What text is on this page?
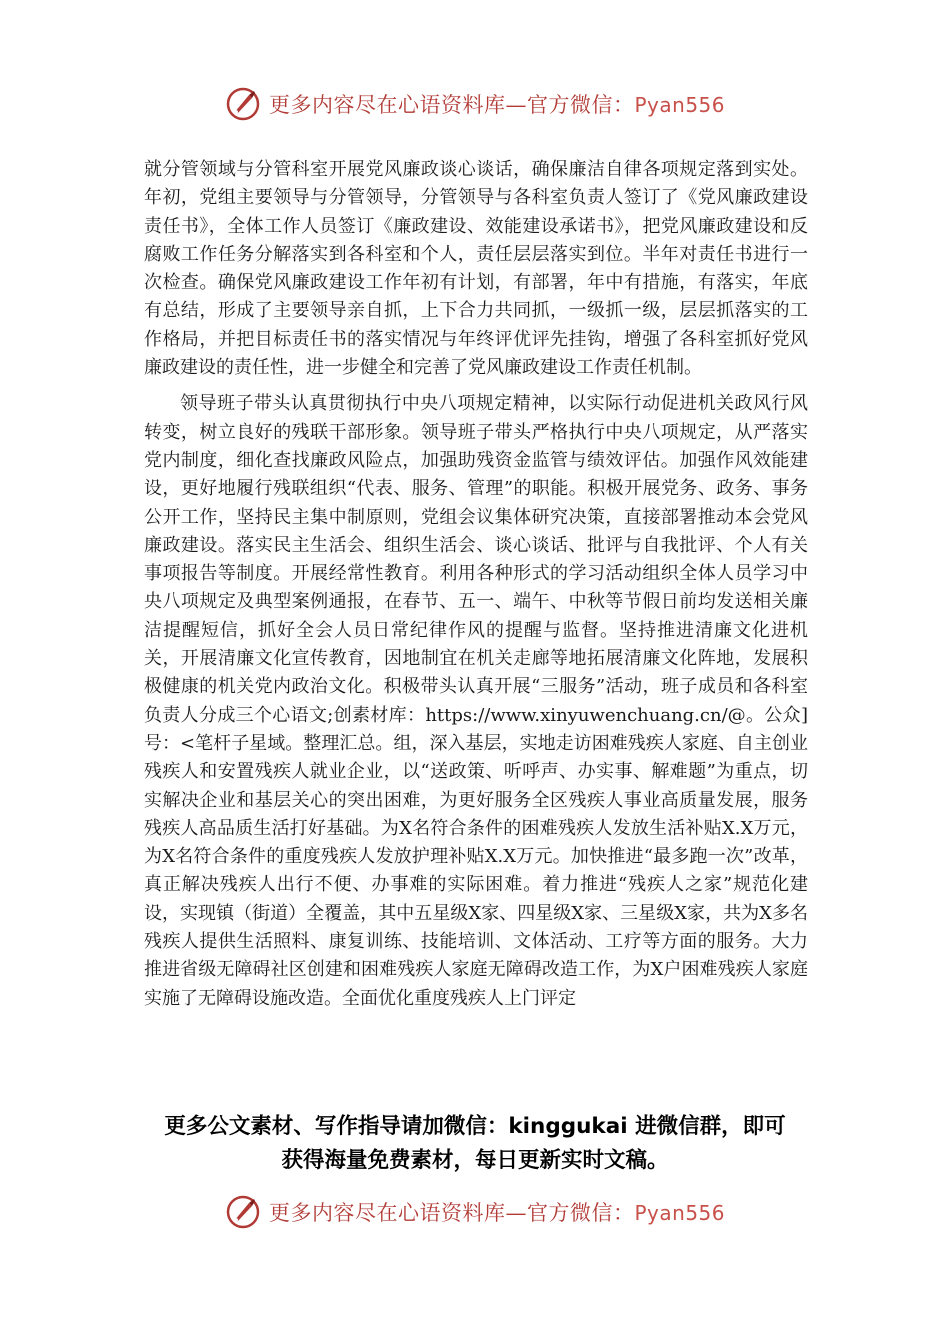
更多内容尽在心语资料库—官方微信：Pyan556

就分管领域与分管科室开展党风廉政谈心谈话，确保廉洁自律各项规定落到实处。年初，党组主要领导与分管领导，分管领导与各科室负责人签订了《党风廉政建设责任书》，全体工作人员签订《廉政建设、效能建设承诺书》，把党风廉政建设和反腐败工作任务分解落实到各科室和个人，责任层层落实到位。半年对责任书进行一次检查。确保党风廉政建设工作年初有计划，有部署，年中有措施，有落实，年底有总结，形成了主要领导亲自抓，上下合力共同抓，一级抓一级，层层抓落实的工作格局，并把目标责任书的落实情况与年终评优评先挂钩，增强了各科室抓好党风廉政建设的责任性，进一步健全和完善了党风廉政建设工作责任机制。

领导班子带头认真贯彻执行中央八项规定精神，以实际行动促进机关政风行风转变，树立良好的残联干部形象。领导班子带头严格执行中央八项规定，从严落实党内制度，细化查找廉政风险点，加强助残资金监管与绩效评估。加强作风效能建设，更好地履行残联组织“代表、服务、管理”的职能。积极开展党务、政务、事务公开工作，坚持民主集中制原则，党组会议集体研究决策，直接部署推动本会党风廉政建设。落实民主生活会、组织生活会、谈心谈话、批评与自我批评、个人有关事项报告等制度。开展经常性教育。利用各种形式的学习活动组织全体人员学习中央八项规定及典型案例通报，在春节、五一、端午、中秋等节假日前均发送相关廉洁提醒短信，抓好全会人员日常纪律作风的提醒与监督。坚持推进清廉文化进机关，开展清廉文化宣传教育，因地制宜在机关走廊等地拓展清廉文化阵地，发展积极健康的机关党内政治文化。积极带头认真开展“三服务”活动，班子成员和各科室负责人分成三个心语文;创素材库：https://www.xinyuwenchuang.cn/@。公众]号：<笔杆子星域。整理汇总。组，深入基层，实地走访困难残疾人家庭、自主创业残疾人和安置残疾人就业企业，以“送政策、听呼声、办实事、解难题”为重点，切实解决企业和基层关心的突出困难，为更好服务全区残疾人事业高质量发展，服务残疾人高品质生活打好基础。为X名符合条件的困难残疾人发放生活补贴X.X万元，为X名符合条件的重度残疾人发放护理补贴X.X万元。加快推进“最多跑一次”改革，真正解决残疾人出行不便、办事难的实际困难。着力推进“残疾人之家”规范化建设，实现镇（街道）全覆盖，其中五星级X家、四星级X家、三星级X家，共为X多名残疾人提供生活照料、康复训练、技能培训、文体活动、工疗等方面的服务。大力推进省级无障碍社区创建和困难残疾人家庭无障碍改造工作，为X户困难残疾人家庭实施了无障碍设施改造。全面优化重度残疾人上门评定

更多公文素材、写作指导请加微信：kinggukai 进微信群，即可
获得海量免费素材，每日更新实时文稿。
更多内容尽在心语资料库—官方微信：Pyan556
